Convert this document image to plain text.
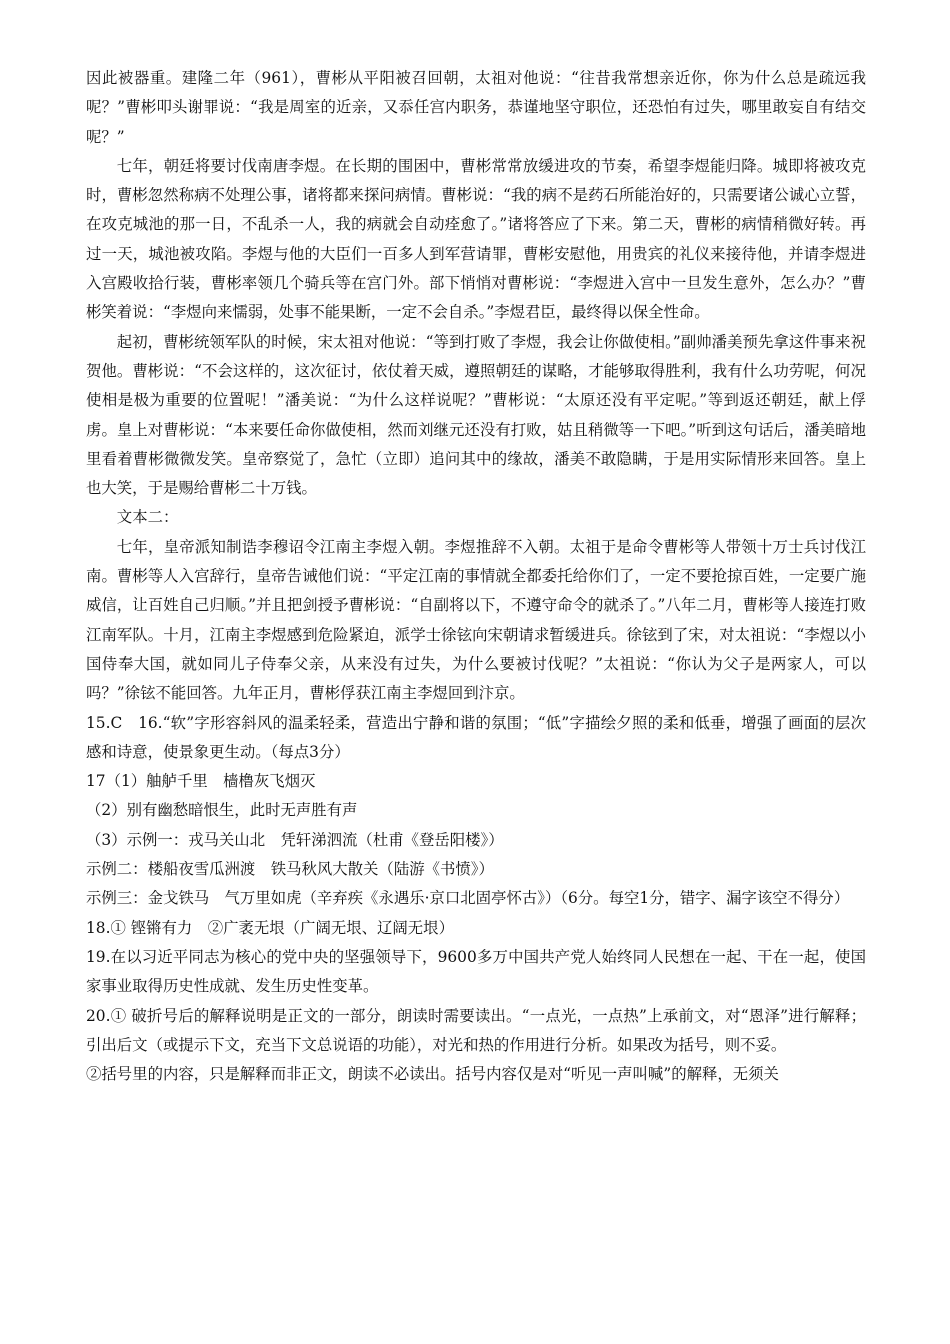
因此被器重。建隆二年（961），曹彬从平阳被召回朝，太祖对他说：“往昔我常想亲近你，你为什么总是疏远我呢？”曹彬叩头谢罪说：“我是周室的近亲，又忝任宫内职务，恭谨地坚守职位，还恐怕有过失，哪里敢妄自有结交呢？”

七年，朝廷将要讨伐南唐李煜。在长期的围困中，曹彬常常放缓进攻的节奏，希望李煜能归降。城即将被攻克时，曹彬忽然称病不处理公事，诸将都来探问病情。曹彬说：“我的病不是药石所能治好的，只需要诸公诚心立誓，在攻克城池的那一日，不乱杀一人，我的病就会自动痊愈了。”诸将答应了下来。第二天，曹彬的病情稍微好转。再过一天，城池被攻陷。李煜与他的大臣们一百多人到军营请罪，曹彬安慰他，用贵宾的礼仪来接待他，并请李煜进入宫殿收拾行装，曹彬率领几个骑兵等在宫门外。部下悄悄对曹彬说：“李煜进入宫中一旦发生意外，怎么办？”曹彬笑着说：“李煜向来懦弱，处事不能果断，一定不会自杀。”李煜君臣，最终得以保全性命。

起初，曹彬统领军队的时候，宋太祖对他说：“等到打败了李煜，我会让你做使相。”副帅潘美预先拿这件事来祝贺他。曹彬说：“不会这样的，这次征讨，依仗着天威，遵照朝廷的谋略，才能够取得胜利，我有什么功劳呢，何况使相是极为重要的位置呢！”潘美说：“为什么这样说呢？”曹彬说：“太原还没有平定呢。”等到返还朝廷，献上俘虏。皇上对曹彬说：“本来要任命你做使相，然而刘继元还没有打败，姑且稍微等一下吧。”听到这句话后，潘美暗地里看着曹彬微微发笑。皇帝察觉了，急忙（立即）追问其中的缘故，潘美不敢隐瞒，于是用实际情形来回答。皇上也大笑，于是赐给曹彬二十万钱。

文本二：

七年，皇帝派知制诰李穆诏令江南主李煜入朝。李煜推辞不入朝。太祖于是命令曹彬等人带领十万士兵讨伐江南。曹彬等人入宫辞行，皇帝告诫他们说：“平定江南的事情就全都委托给你们了，一定不要抢掠百姓，一定要广施威信，让百姓自己归顺。”并且把剑授予曹彬说：“自副将以下，不遵守命令的就杀了。”八年二月，曹彬等人接连打败江南军队。十月，江南主李煜感到危险紧迫，派学士徐铉向宋朝请求暂缓进兵。徐铉到了宋，对太祖说：“李煜以小国侍奉大国，就如同儿子侍奉父亲，从来没有过失，为什么要被讨伐呢？”太祖说：“你认为父子是两家人，可以吗？”徐铉不能回答。九年正月，曹彬俘获江南主李煜回到汴京。

15.C　16.“软”字形容斜风的温柔轻柔，营造出宁静和谐的氛围；“低”字描绘夕照的柔和低垂，增强了画面的层次感和诗意，使景象更生动。（每点3分）

17（1）舳舻千里　樯橹灰飞烟灭

（2）别有幽愁暗恨生，此时无声胜有声

（3）示例一：戎马关山北　凭轩涕泗流（杜甫《登岳阳楼》）

示例二：楼船夜雪瓜洲渡　铁马秋风大散关（陆游《书愤》）

示例三：金戈铁马　气万里如虎（辛弃疾《永遇乐·京口北固亭怀古》）（6分。每空1分，错字、漏字该空不得分）

18.① 铿锵有力　②广袤无垠（广阔无垠、辽阔无垠）

19.在以习近平同志为核心的党中央的坚强领导下，9600多万中国共产党人始终同人民想在一起、干在一起，使国家事业取得历史性成就、发生历史性变革。

20.① 破折号后的解释说明是正文的一部分，朗读时需要读出。“一点光，一点热”上承前文，对“恩泽”进行解释；引出后文（或提示下文，充当下文总说语的功能），对光和热的作用进行分析。如果改为括号，则不妥。

②括号里的内容，只是解释而非正文，朗读不必读出。括号内容仅是对“听见一声叫喊”的解释，无须关
